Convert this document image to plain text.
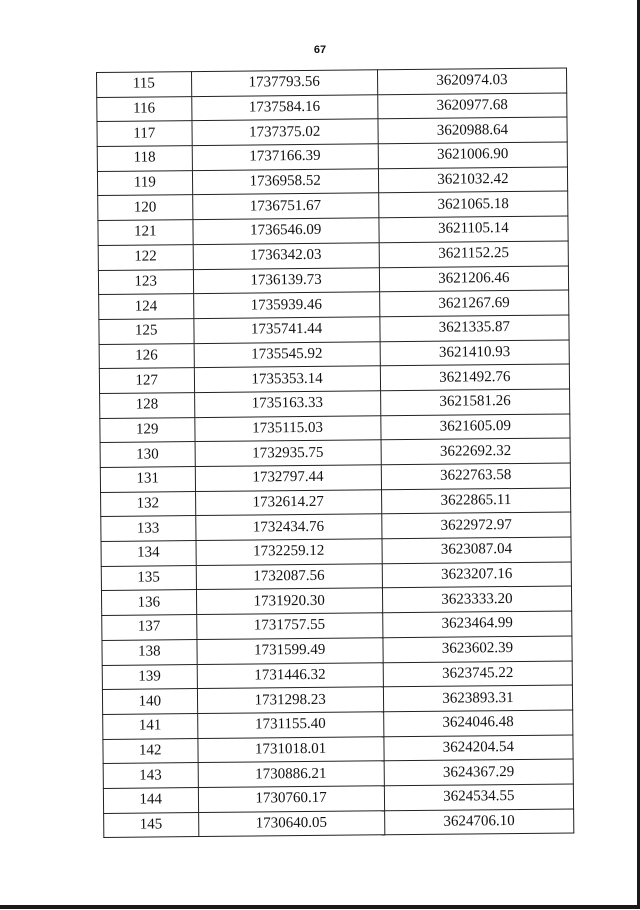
67
115	1737793.56	3620974.03
116	1737584.16	3620977.68
117	1737375.02	3620988.64
118	1737166.39	3621006.90
119	1736958.52	3621032.42
120	1736751.67	3621065.18
121	1736546.09	3621105.14
122	1736342.03	3621152.25
123	1736139.73	3621206.46
124	1735939.46	3621267.69
125	1735741.44	3621335.87
126	1735545.92	3621410.93
127	1735353.14	3621492.76
128	1735163.33	3621581.26
129	1735115.03	3621605.09
130	1732935.75	3622692.32
131	1732797.44	3622763.58
132	1732614.27	3622865.11
133	1732434.76	3622972.97
134	1732259.12	3623087.04
135	1732087.56	3623207.16
136	1731920.30	3623333.20
137	1731757.55	3623464.99
138	1731599.49	3623602.39
139	1731446.32	3623745.22
140	1731298.23	3623893.31
141	1731155.40	3624046.48
142	1731018.01	3624204.54
143	1730886.21	3624367.29
144	1730760.17	3624534.55
145	1730640.05	3624706.10
